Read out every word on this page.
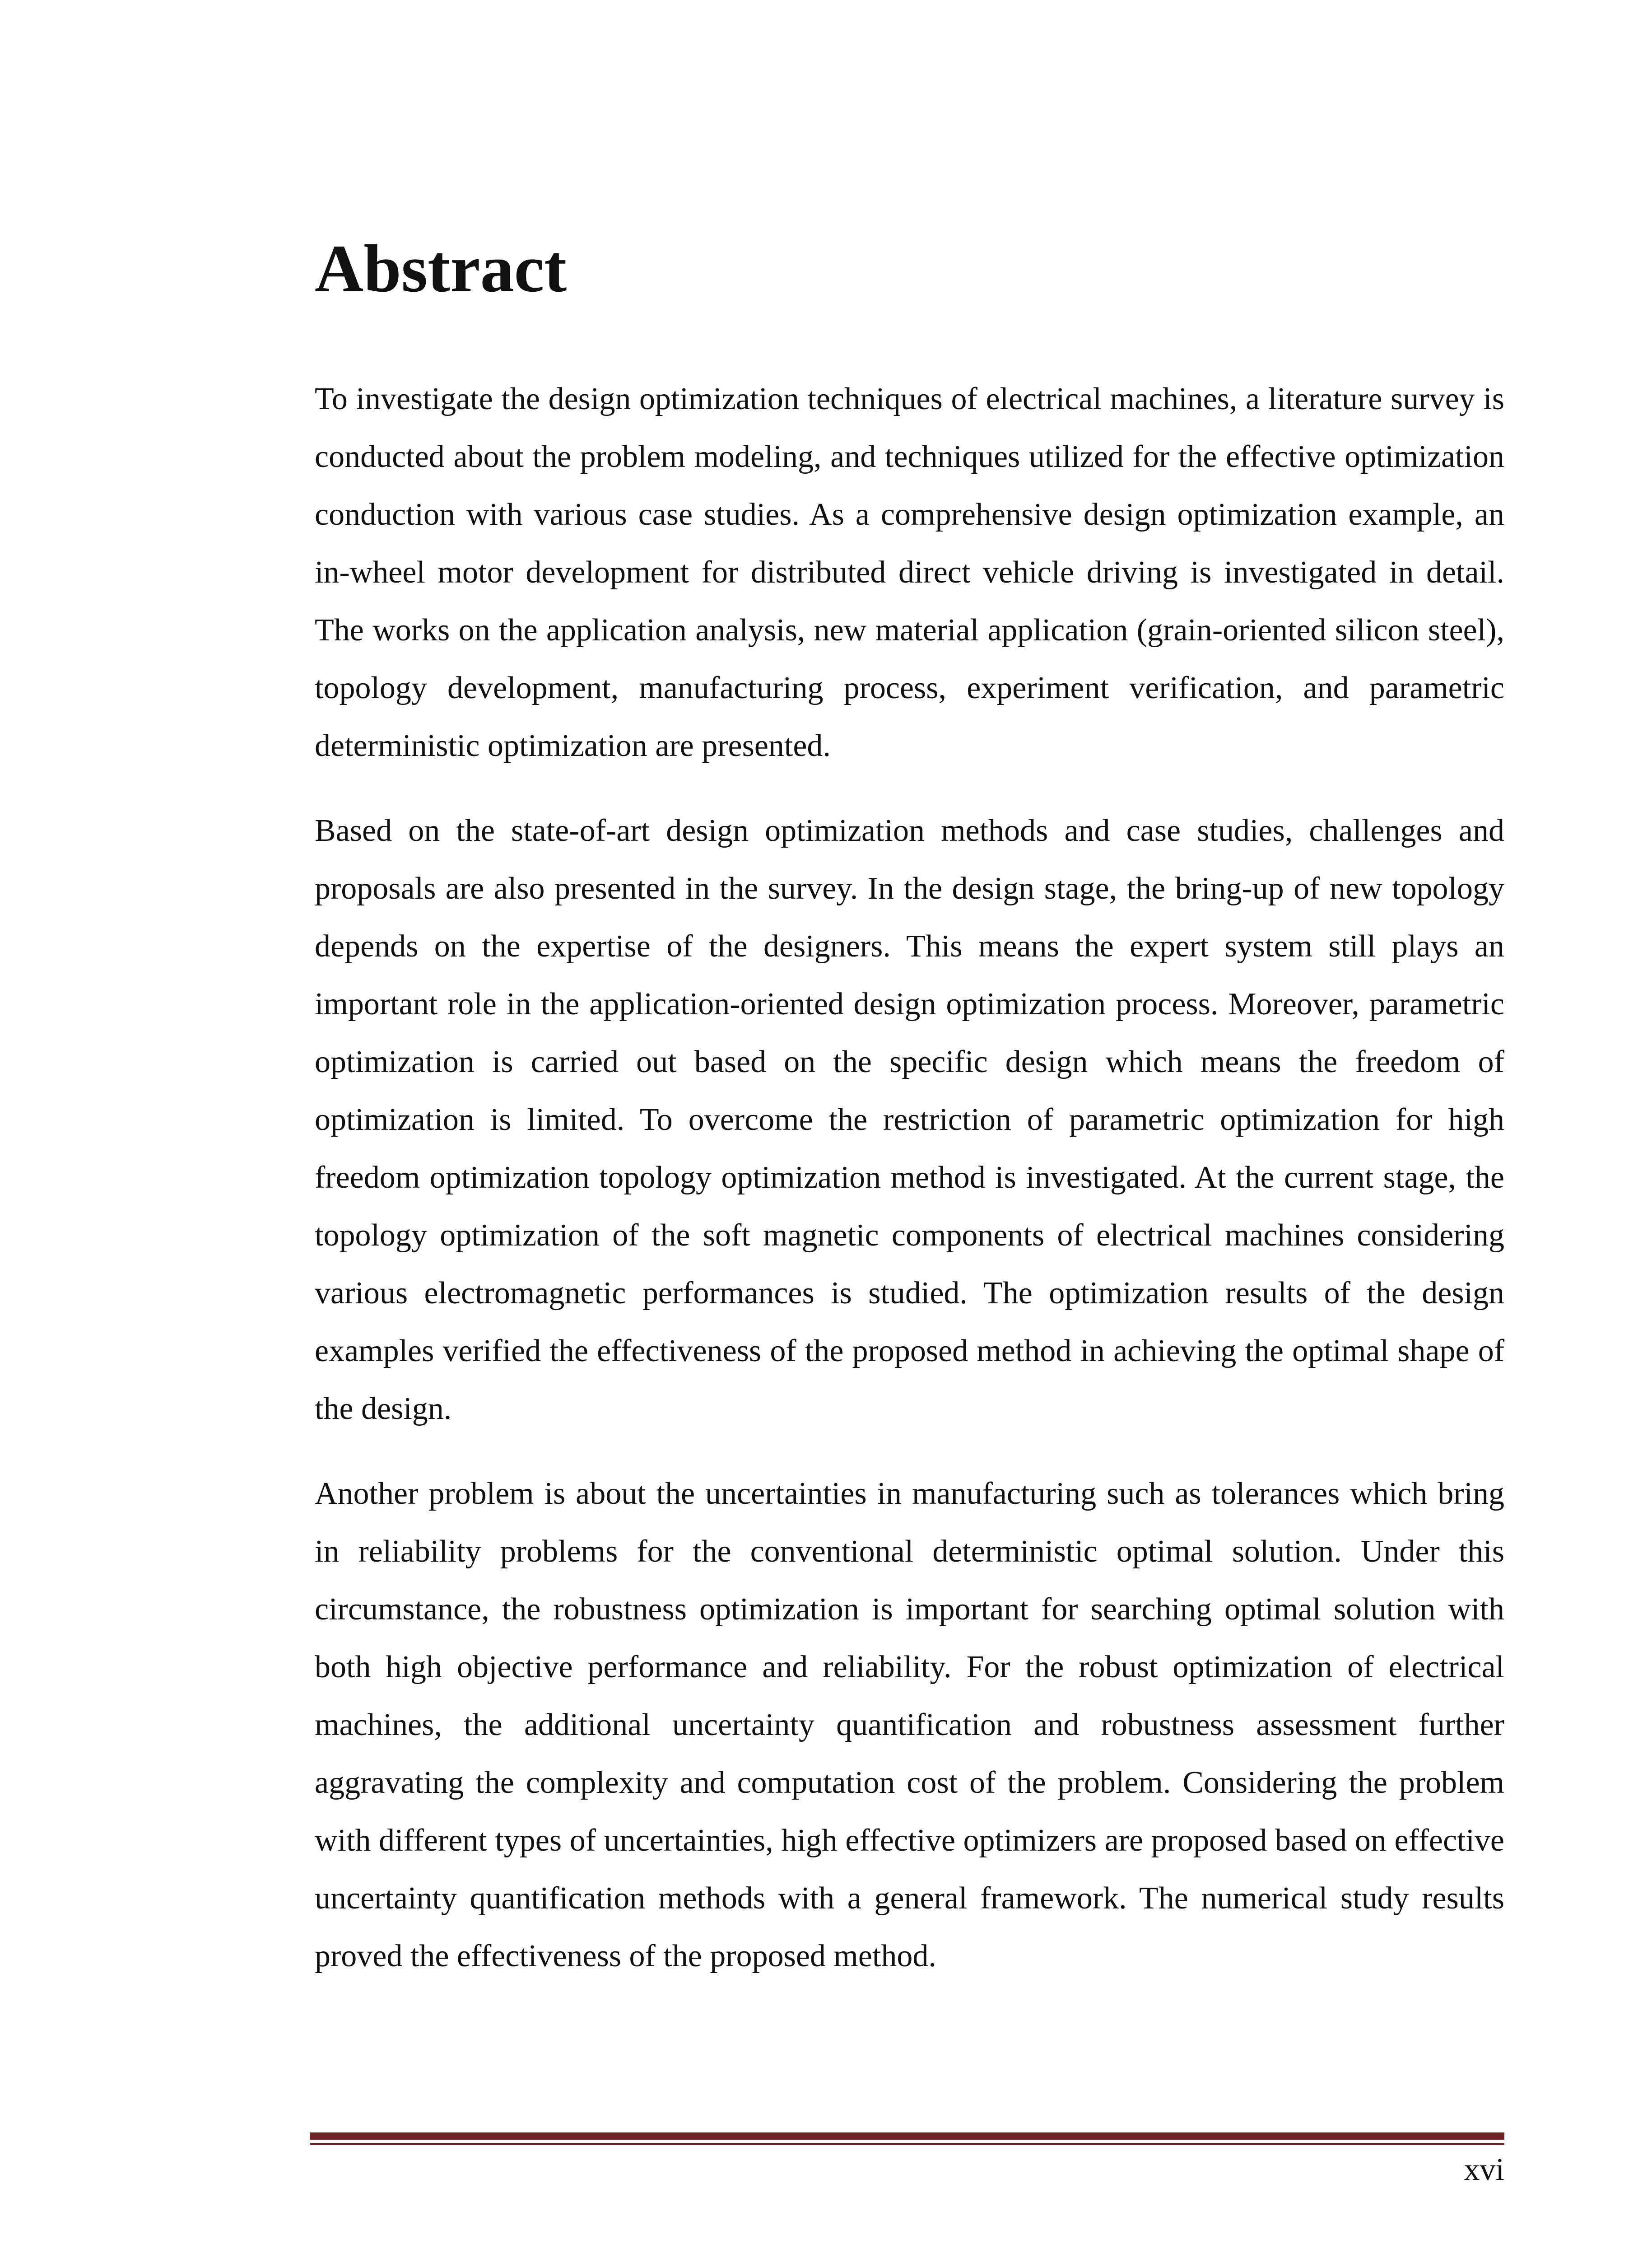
Abstract

To investigate the design optimization techniques of electrical machines, a literature survey is conducted about the problem modeling, and techniques utilized for the effective optimization conduction with various case studies. As a comprehensive design optimization example, an in-wheel motor development for distributed direct vehicle driving is investigated in detail. The works on the application analysis, new material application (grain-oriented silicon steel), topology development, manufacturing process, experiment verification, and parametric deterministic optimization are presented.

Based on the state-of-art design optimization methods and case studies, challenges and proposals are also presented in the survey. In the design stage, the bring-up of new topology depends on the expertise of the designers. This means the expert system still plays an important role in the application-oriented design optimization process. Moreover, parametric optimization is carried out based on the specific design which means the freedom of optimization is limited. To overcome the restriction of parametric optimization for high freedom optimization topology optimization method is investigated. At the current stage, the topology optimization of the soft magnetic components of electrical machines considering various electromagnetic performances is studied. The optimization results of the design examples verified the effectiveness of the proposed method in achieving the optimal shape of the design.

Another problem is about the uncertainties in manufacturing such as tolerances which bring in reliability problems for the conventional deterministic optimal solution. Under this circumstance, the robustness optimization is important for searching optimal solution with both high objective performance and reliability. For the robust optimization of electrical machines, the additional uncertainty quantification and robustness assessment further aggravating the complexity and computation cost of the problem. Considering the problem with different types of uncertainties, high effective optimizers are proposed based on effective uncertainty quantification methods with a general framework. The numerical study results proved the effectiveness of the proposed method.

xvi
